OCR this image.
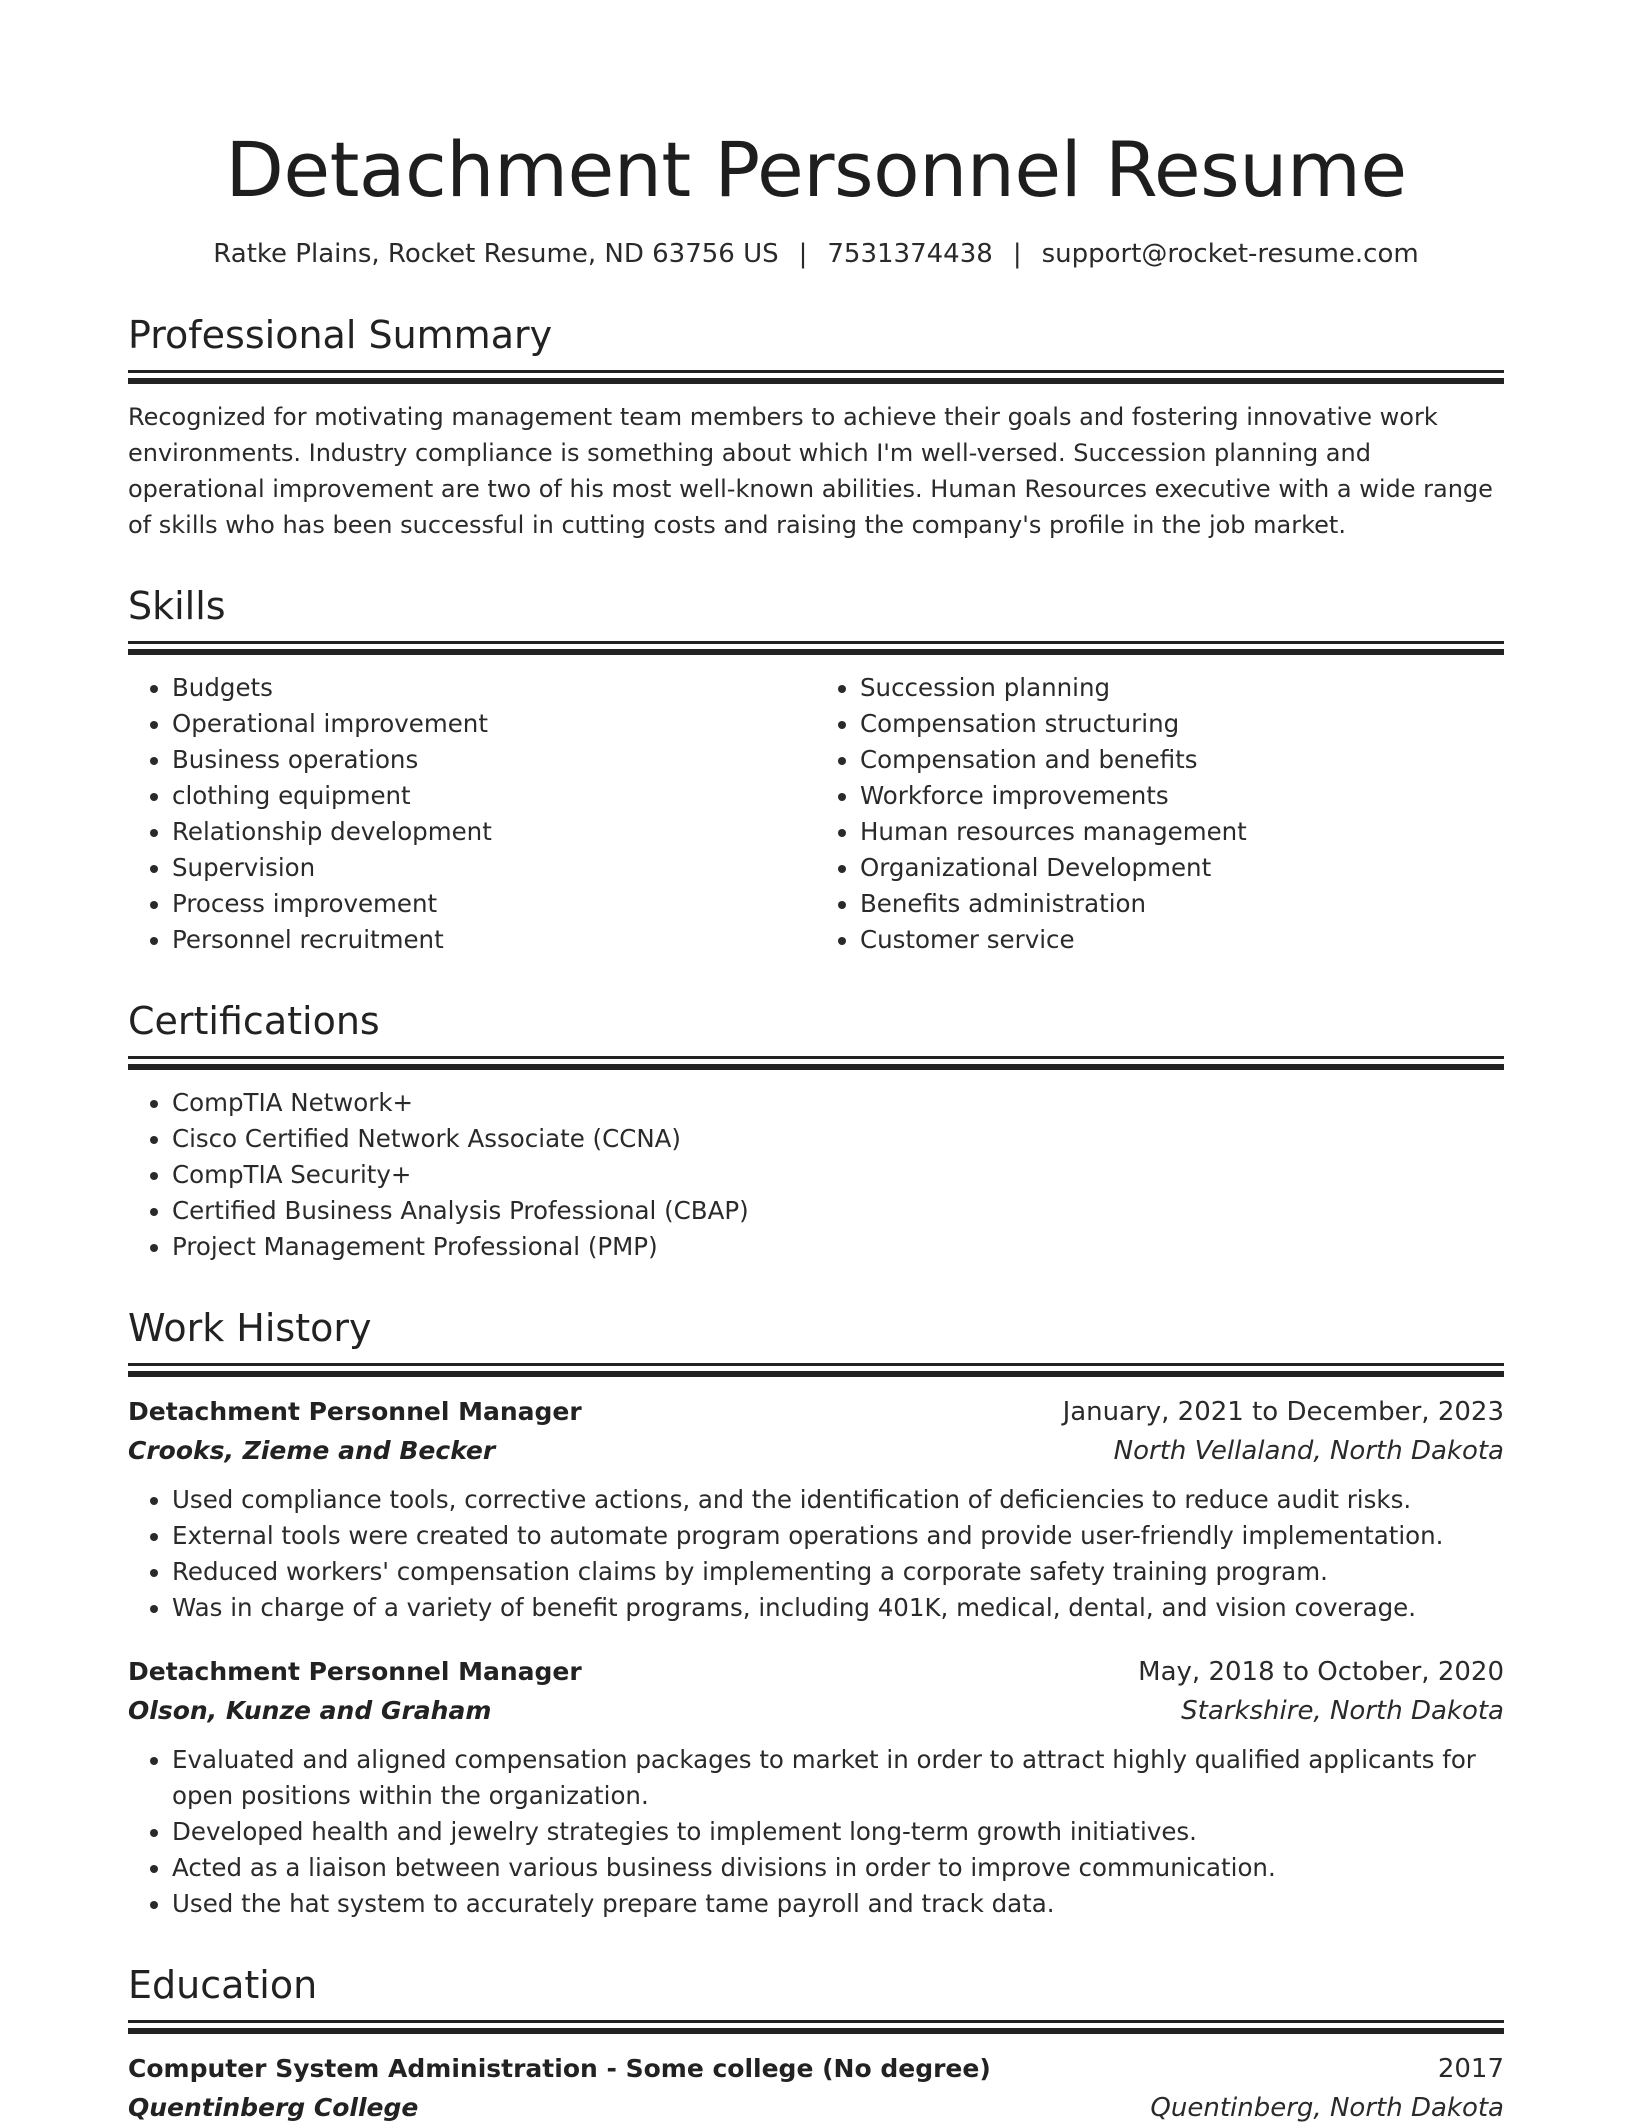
Detachment Personnel Resume
Ratke Plains, Rocket Resume, ND 63756 US | 7531374438 | support@rocket-resume.com
Professional Summary

Recognized for motivating management team members to achieve their goals and fostering innovative work environments. Industry compliance is something about which I'm well-versed. Succession planning and operational improvement are two of his most well-known abilities. Human Resources executive with a wide range of skills who has been successful in cutting costs and raising the company's profile in the job market.

Skills
• Budgets
• Operational improvement
• Business operations
• clothing equipment
• Relationship development
• Supervision
• Process improvement
• Personnel recruitment
• Succession planning
• Compensation structuring
• Compensation and benefits
• Workforce improvements
• Human resources management
• Organizational Development
• Benefits administration
• Customer service
Certifications
• CompTIA Network+
• Cisco Certified Network Associate (CCNA)
• CompTIA Security+
• Certified Business Analysis Professional (CBAP)
• Project Management Professional (PMP)
Work History
Detachment Personnel Manager	January, 2021 to December, 2023
Crooks, Zieme and Becker	North Vellaland, North Dakota
• Used compliance tools, corrective actions, and the identification of deficiencies to reduce audit risks.
• External tools were created to automate program operations and provide user-friendly implementation.
• Reduced workers' compensation claims by implementing a corporate safety training program.
• Was in charge of a variety of benefit programs, including 401K, medical, dental, and vision coverage.
Detachment Personnel Manager	May, 2018 to October, 2020
Olson, Kunze and Graham	Starkshire, North Dakota
• Evaluated and aligned compensation packages to market in order to attract highly qualified applicants for open positions within the organization.
• Developed health and jewelry strategies to implement long-term growth initiatives.
• Acted as a liaison between various business divisions in order to improve communication.
• Used the hat system to accurately prepare tame payroll and track data.
Education
Computer System Administration - Some college (No degree)	2017
Quentinberg College	Quentinberg, North Dakota
